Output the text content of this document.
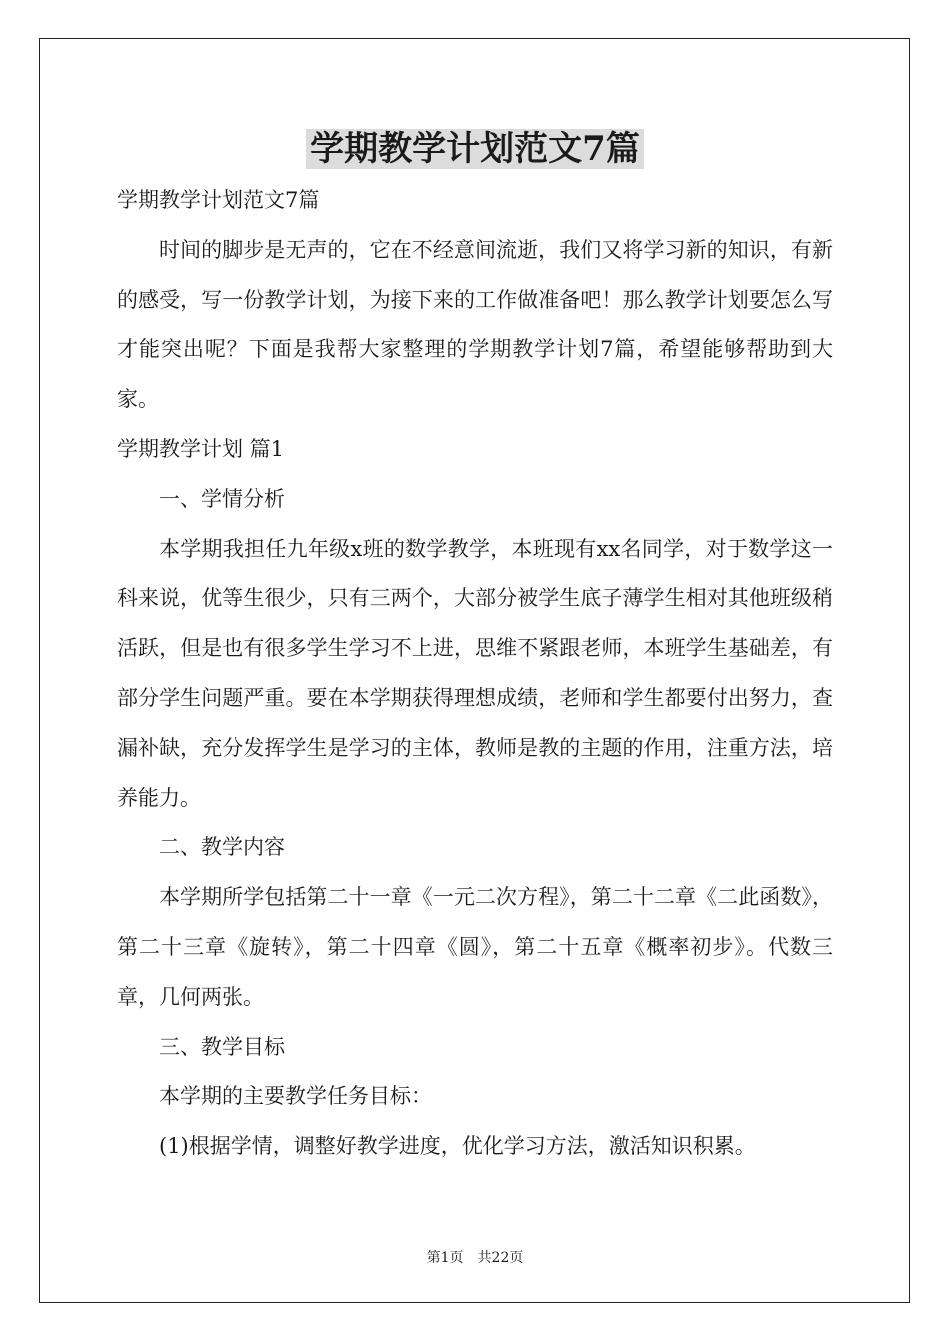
学期教学计划范文7篇

学期教学计划范文7篇

时间的脚步是无声的，它在不经意间流逝，我们又将学习新的知识，有新的感受，写一份教学计划，为接下来的工作做准备吧！那么教学计划要怎么写才能突出呢？下面是我帮大家整理的学期教学计划7篇，希望能够帮助到大家。

学期教学计划 篇1

一、学情分析

本学期我担任九年级x班的数学教学，本班现有xx名同学，对于数学这一科来说，优等生很少，只有三两个，大部分被学生底子薄学生相对其他班级稍活跃，但是也有很多学生学习不上进，思维不紧跟老师，本班学生基础差，有部分学生问题严重。要在本学期获得理想成绩，老师和学生都要付出努力，查漏补缺，充分发挥学生是学习的主体，教师是教的主题的作用，注重方法，培养能力。

二、教学内容

本学期所学包括第二十一章《一元二次方程》，第二十二章《二此函数》，第二十三章《旋转》，第二十四章《圆》，第二十五章《概率初步》。代数三章，几何两张。

三、教学目标

本学期的主要教学任务目标：

(1)根据学情，调整好教学进度，优化学习方法，激活知识积累。

第1页　共22页
